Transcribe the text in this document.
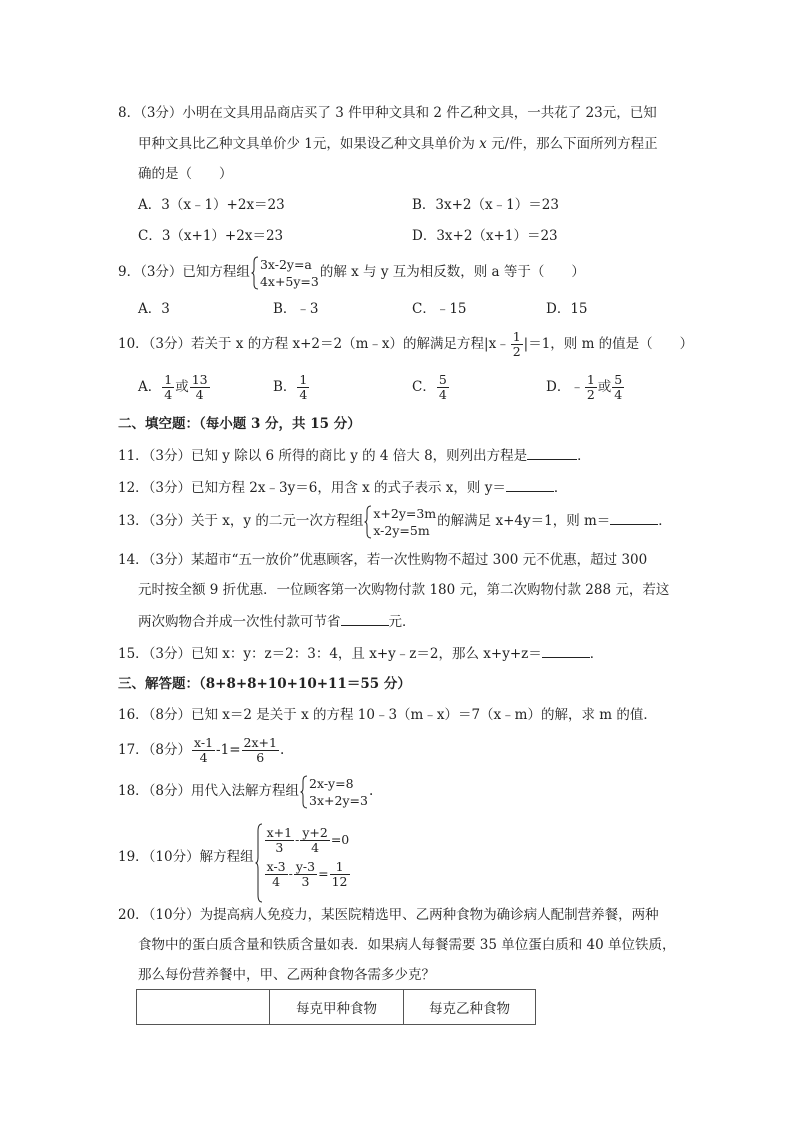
8．（3分）小明在文具用品商店买了 3 件甲种文具和 2 件乙种文具，一共花了 23元，已知
甲种文具比乙种文具单价少 1元，如果设乙种文具单价为 x 元/件，那么下面所列方程正
确的是（　　）
A．3（x﹣1）+2x＝23	B．3x+2（x﹣1）＝23
C．3（x+1）+2x＝23	D．3x+2（x+1）＝23
9．（3分）已知方程组 3x-2y=a
4x+5y=3
的解 x 与 y 互为相反数，则 a 等于（　　）
A．3	B．﹣3	C．﹣15	D．15
10．（3分）若关于 x 的方程 x+2＝2（m﹣x）的解满足方程|x﹣ $\frac{1}{2} |=1$，则 m 的值是（　　）
A． $\frac{1}{4}$ 或 $\frac{13}{4}$	B． $\frac{1}{4}$	C． $\frac{5}{4}$	D．﹣ $\frac{1}{2}$ 或 $\frac{5}{4}$
二、填空题：（每小题 3 分，共 15 分）
11．（3分）已知 y 除以 6 所得的商比 y 的 4 倍大 8，则列出方程是	．
12．（3分）已知方程 2x﹣3y＝6，用含 x 的式子表示 x，则 y＝	．
13．（3分）关于 x，y 的二元一次方程组 x+2y=3m
x-2y=5m
的解满足 x+4y＝1，则 m＝	．
14．（3分）某超市“五一放价”优惠顾客，若一次性购物不超过 300 元不优惠，超过 300
元时按全额 9 折优惠．一位顾客第一次购物付款 180 元，第二次购物付款 288 元，若这
两次购物合并成一次性付款可节省	元．
15．（3分）已知 x：y：z＝2：3：4，且 x+y﹣z＝2，那么 x+y+z＝	．
三、解答题：（8+8+8+10+10+11＝55 分）
16．（8分）已知 x＝2 是关于 x 的方程 10﹣3（m﹣x）＝7（x﹣m）的解，求 m 的值．
17．（8分） $\frac{x-1}{4} -1= \frac{2x+1}{6}$ .
18．（8分）用代入法解方程组 2x-y=8
3x+2y=3
.
19．（10分）解方程组
$\frac{x+1}{3} - \frac{y+2}{4} =0$
$\frac{x-3}{4} - \frac{y-3}{3} = \frac{1}{12}$
20．（10分）为提高病人免疫力，某医院精选甲、乙两种食物为确诊病人配制营养餐，两种
食物中的蛋白质含量和铁质含量如表．如果病人每餐需要 35 单位蛋白质和 40 单位铁质，
那么每份营养餐中，甲、乙两种食物各需多少克？
	每克甲种食物	每克乙种食物
